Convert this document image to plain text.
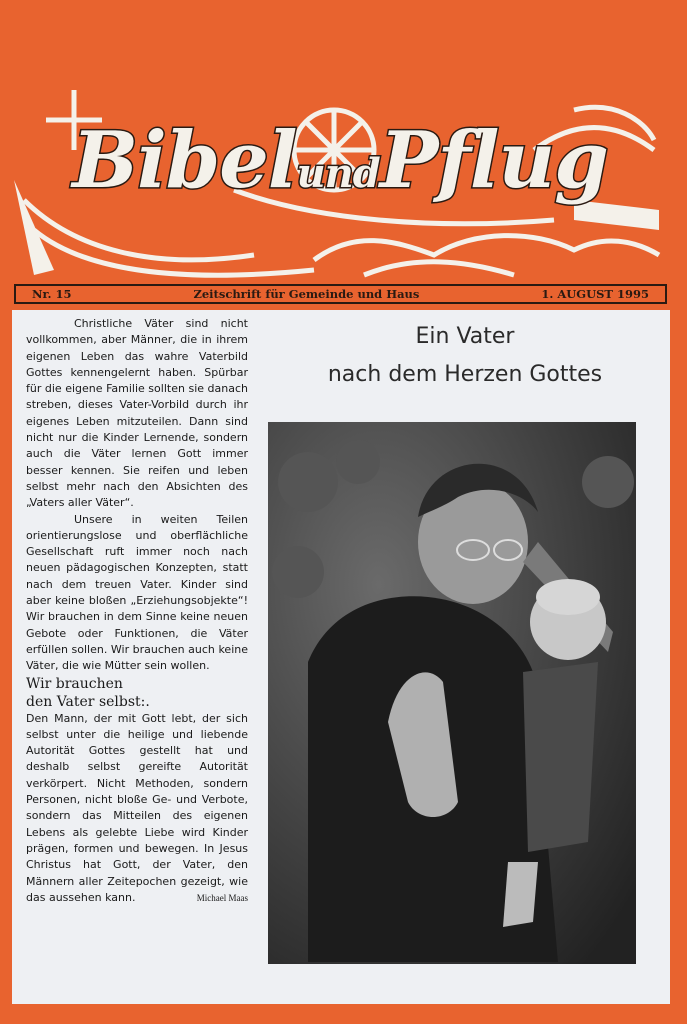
BibelundPflug
Nr. 15	Zeitschrift für Gemeinde und Haus	1. AUGUST 1995

Christliche Väter sind nicht vollkommen, aber Männer, die in ihrem eigenen Leben das wahre Vaterbild Gottes kennengelernt haben. Spürbar für die eigene Familie sollten sie danach streben, dieses Vater-Vorbild durch ihr eigenes Leben mitzuteilen. Dann sind nicht nur die Kinder Lernende, sondern auch die Väter lernen Gott immer besser kennen. Sie reifen und leben selbst mehr nach den Absichten des „Vaters aller Väter“.

Unsere in weiten Teilen orientierungslose und oberflächliche Gesellschaft ruft immer noch nach neuen pädagogischen Konzepten, statt nach dem treuen Vater. Kinder sind aber keine bloßen „Erziehungsobjekte“! Wir brauchen in dem Sinne keine neuen Gebote oder Funktionen, die Väter erfüllen sollen. Wir brauchen auch keine Väter, die wie Mütter sein wollen.

Wir brauchen

den Vater selbst:.

Den Mann, der mit Gott lebt, der sich selbst unter die heilige und liebende Autorität Gottes gestellt hat und deshalb selbst gereifte Autorität verkörpert. Nicht Methoden, sondern Personen, nicht bloße Ge- und Verbote, sondern das Mitteilen des eigenen Lebens als gelebte Liebe wird Kinder prägen, formen und bewegen. In Jesus Christus hat Gott, der Vater, den Männern aller Zeitepochen gezeigt, wie das aussehen kann.	Michael Maas

Ein Vater
nach dem Herzen Gottes
